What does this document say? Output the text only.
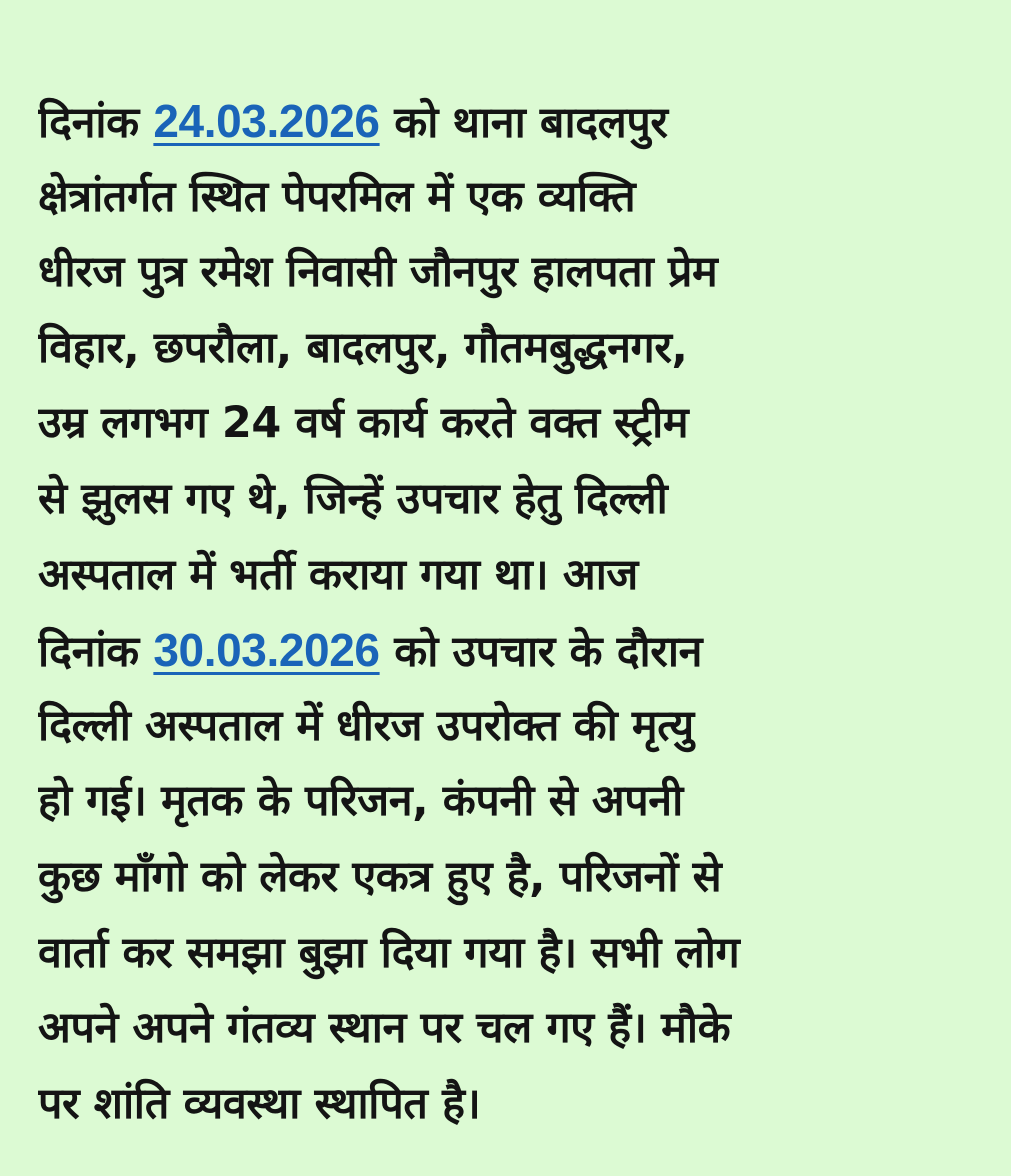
दिनांक 24.03.2026 को थाना बादलपुर
क्षेत्रांतर्गत स्थित पेपरमिल में एक व्यक्ति
धीरज पुत्र रमेश निवासी जौनपुर हालपता प्रेम
विहार, छपरौला, बादलपुर, गौतमबुद्धनगर,
उम्र लगभग 24 वर्ष कार्य करते वक्त स्ट्रीम
से झुलस गए थे, जिन्हें उपचार हेतु दिल्ली
अस्पताल में भर्ती कराया गया था। आज
दिनांक 30.03.2026 को उपचार के दौरान
दिल्ली अस्पताल में धीरज उपरोक्त की मृत्यु
हो गई। मृतक के परिजन, कंपनी से अपनी
कुछ माँगो को लेकर एकत्र हुए है, परिजनों से
वार्ता कर समझा बुझा दिया गया है। सभी लोग
अपने अपने गंतव्य स्थान पर चल गए हैं। मौके
पर शांति व्यवस्था स्थापित है।
